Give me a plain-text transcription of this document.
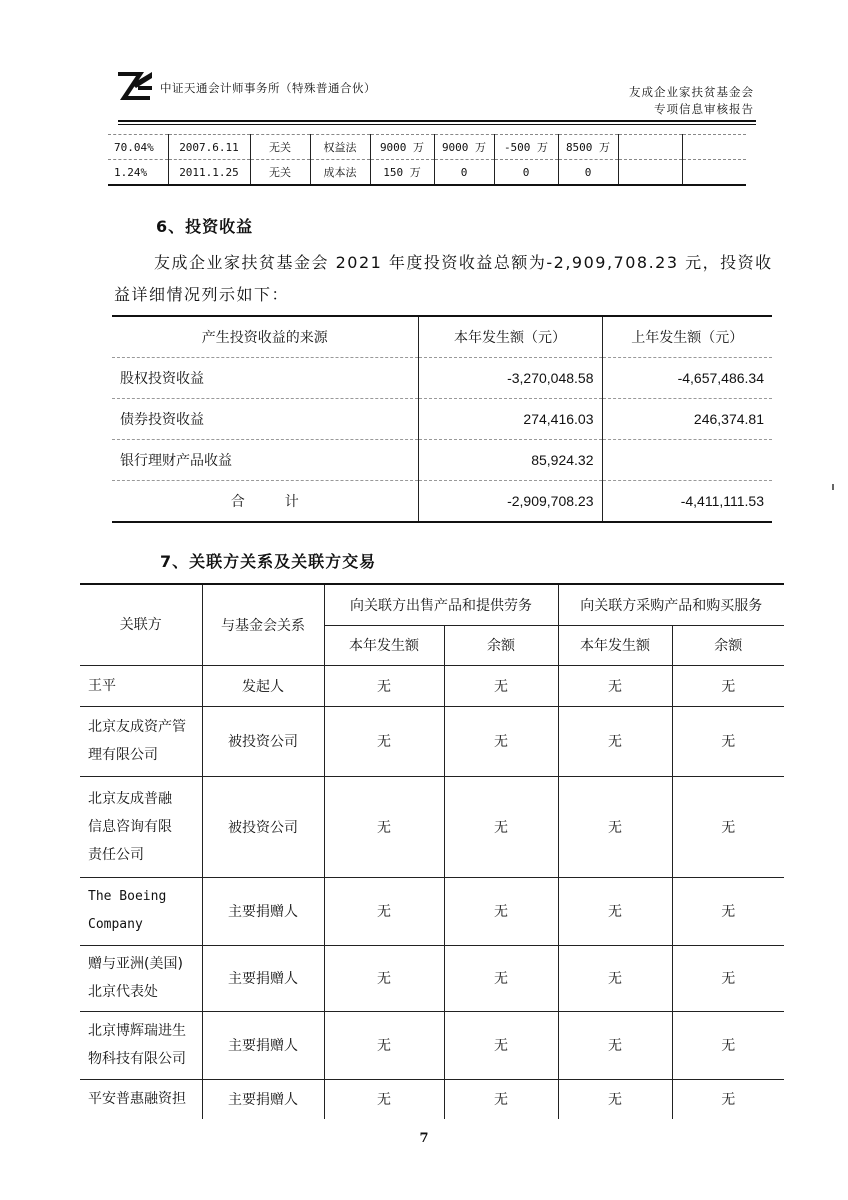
中证天通会计师事务所（特殊普通合伙）	友成企业家扶贫基金会
专项信息审核报告
70.04%	2007.6.11	无关	权益法	9000 万	9000 万	-500 万	8500 万		
1.24%	2011.1.25	无关	成本法	150 万	0	0	0		
6、投资收益
友成企业家扶贫基金会 2021 年度投资收益总额为-2,909,708.23 元，投资收
益详细情况列示如下：
产生投资收益的来源	本年发生额（元）	上年发生额（元）
股权投资收益	-3,270,048.58	-4,657,486.34
债券投资收益	274,416.03	246,374.81
银行理财产品收益	85,924.32	
合计	-2,909,708.23	-4,411,111.53
7、关联方关系及关联方交易
关联方	与基金会关系	向关联方出售产品和提供劳务		向关联方采购产品和购买服务	
		本年发生额	余额	本年发生额	余额

王平	发起人	无	无	无	无

北京友成资产管
理有限公司	被投资公司	无	无	无	无

北京友成普融
信息咨询有限
责任公司	被投资公司	无	无	无	无

The Boeing
Company	主要捐赠人	无	无	无	无

赠与亚洲(美国)
北京代表处	主要捐赠人	无	无	无	无

北京博辉瑞进生
物科技有限公司	主要捐赠人	无	无	无	无

平安普惠融资担	主要捐赠人	无	无	无	无
7
